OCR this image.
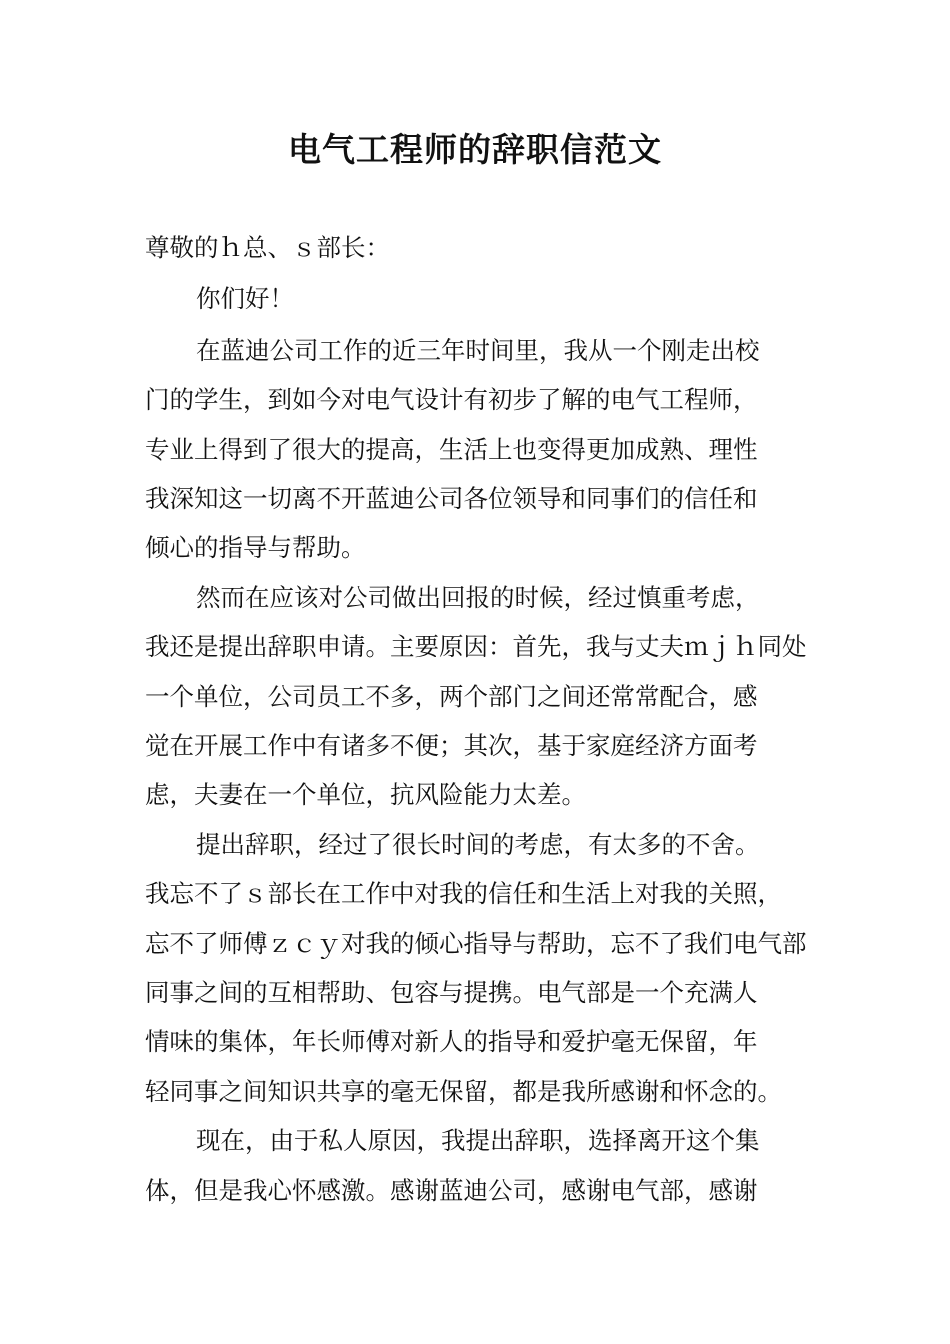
电气工程师的辞职信范文

尊敬的ｈ总、ｓ部长：

你们好！

在蓝迪公司工作的近三年时间里，我从一个刚走出校

门的学生，到如今对电气设计有初步了解的电气工程师，

专业上得到了很大的提高，生活上也变得更加成熟、理性

我深知这一切离不开蓝迪公司各位领导和同事们的信任和

倾心的指导与帮助。

然而在应该对公司做出回报的时候，经过慎重考虑，

我还是提出辞职申请。主要原因：首先，我与丈夫ｍｊｈ同处

一个单位，公司员工不多，两个部门之间还常常配合，感

觉在开展工作中有诸多不便；其次，基于家庭经济方面考

虑，夫妻在一个单位，抗风险能力太差。

提出辞职，经过了很长时间的考虑，有太多的不舍。

我忘不了ｓ部长在工作中对我的信任和生活上对我的关照，

忘不了师傅ｚｃｙ对我的倾心指导与帮助，忘不了我们电气部

同事之间的互相帮助、包容与提携。电气部是一个充满人

情味的集体，年长师傅对新人的指导和爱护毫无保留，年

轻同事之间知识共享的毫无保留，都是我所感谢和怀念的。

现在，由于私人原因，我提出辞职，选择离开这个集

体，但是我心怀感激。感谢蓝迪公司，感谢电气部，感谢
